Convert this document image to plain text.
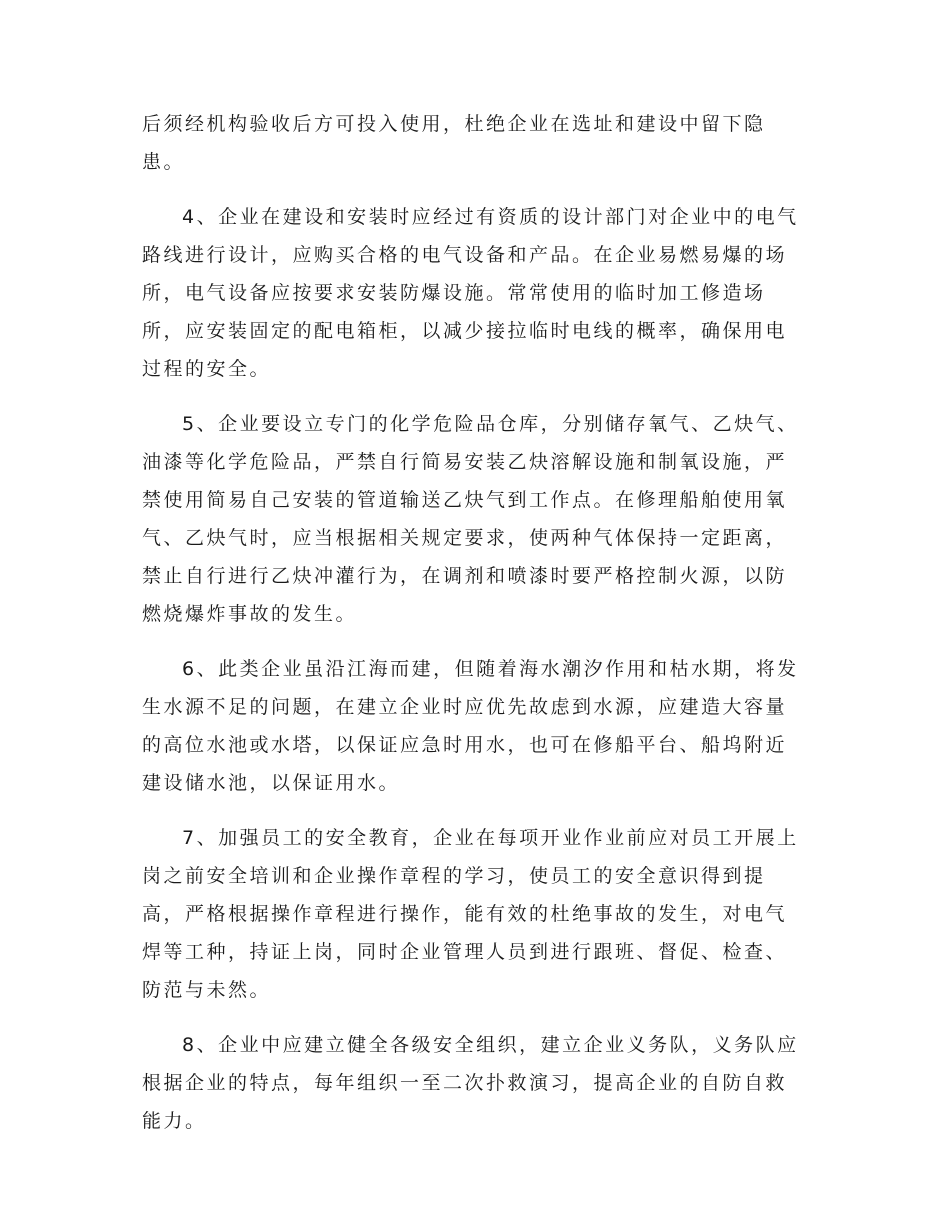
后须经机构验收后方可投入使用，杜绝企业在选址和建设中留下隐
患。
4、企业在建设和安装时应经过有资质的设计部门对企业中的电气
路线进行设计，应购买合格的电气设备和产品。在企业易燃易爆的场
所，电气设备应按要求安装防爆设施。常常使用的临时加工修造场
所，应安装固定的配电箱柜，以减少接拉临时电线的概率，确保用电
过程的安全。
5、企业要设立专门的化学危险品仓库，分别储存氧气、乙炔气、
油漆等化学危险品，严禁自行简易安装乙炔溶解设施和制氧设施，严
禁使用简易自己安装的管道输送乙炔气到工作点。在修理船舶使用氧
气、乙炔气时，应当根据相关规定要求，使两种气体保持一定距离，
禁止自行进行乙炔冲灌行为，在调剂和喷漆时要严格控制火源，以防
燃烧爆炸事故的发生。
6、此类企业虽沿江海而建，但随着海水潮汐作用和枯水期，将发
生水源不足的问题，在建立企业时应优先故虑到水源，应建造大容量
的高位水池或水塔，以保证应急时用水，也可在修船平台、船坞附近
建设储水池，以保证用水。
7、加强员工的安全教育，企业在每项开业作业前应对员工开展上
岗之前安全培训和企业操作章程的学习，使员工的安全意识得到提
高，严格根据操作章程进行操作，能有效的杜绝事故的发生，对电气
焊等工种，持证上岗，同时企业管理人员到进行跟班、督促、检查、
防范与未然。
8、企业中应建立健全各级安全组织，建立企业义务队，义务队应
根据企业的特点，每年组织一至二次扑救演习，提高企业的自防自救
能力。
